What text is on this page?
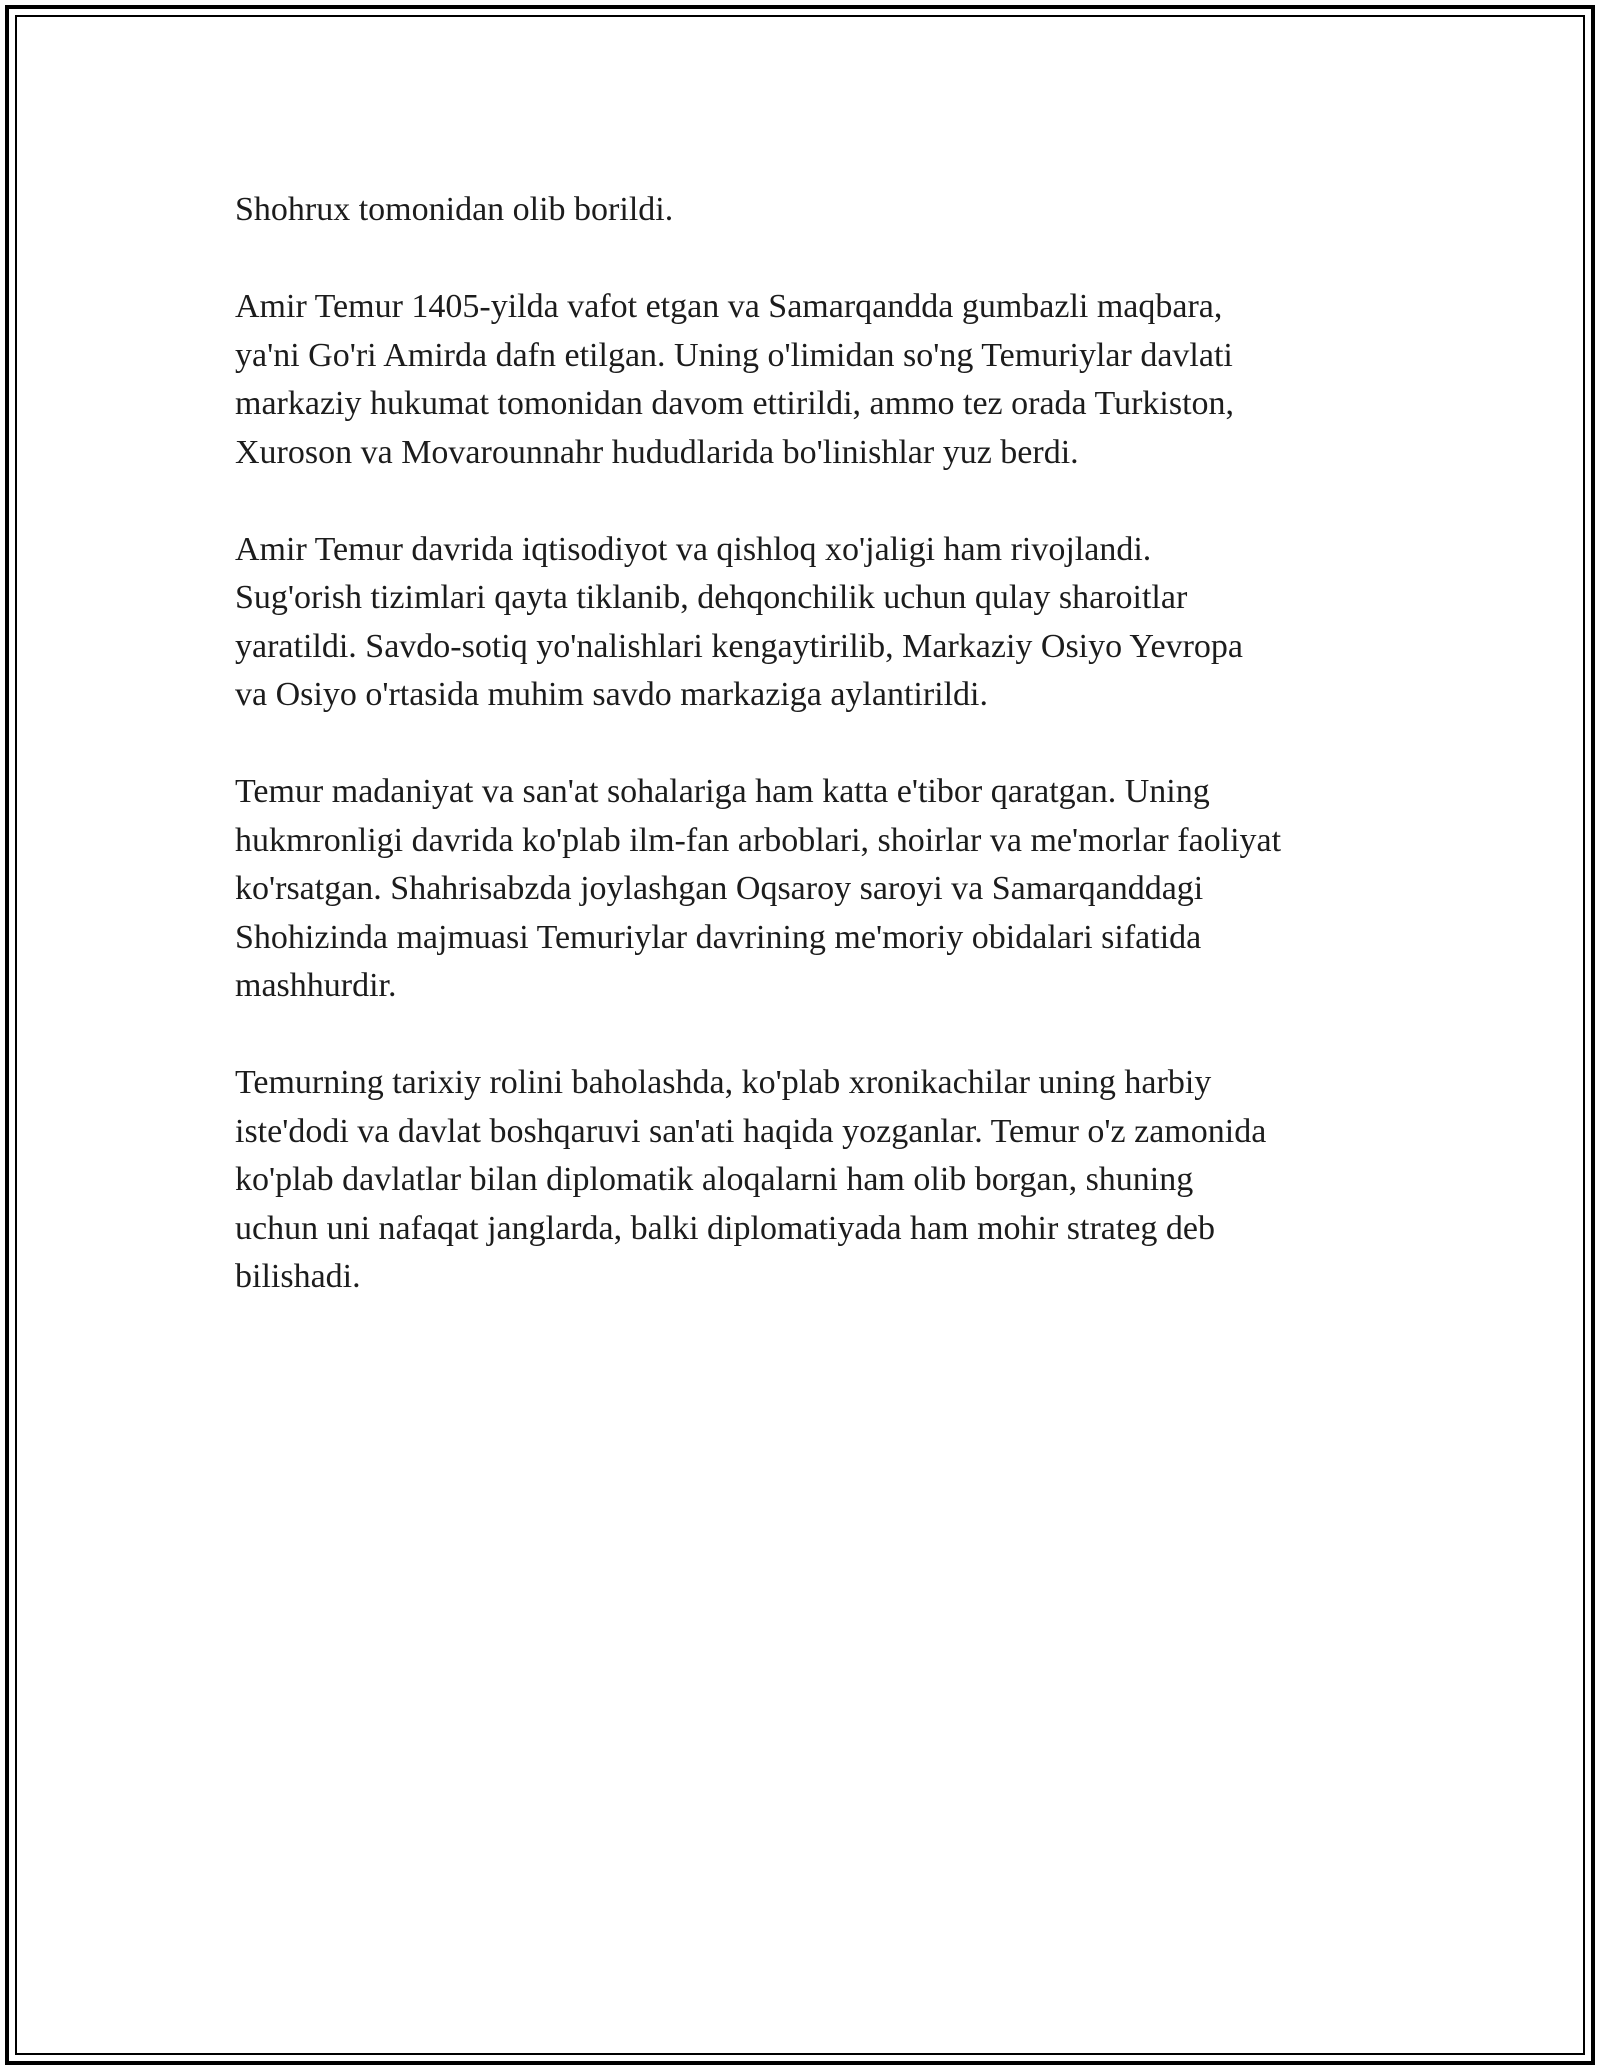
Shohrux tomonidan olib borildi.

Amir Temur 1405-yilda vafot etgan va Samarqandda gumbazli maqbara,
ya'ni Go'ri Amirda dafn etilgan. Uning o'limidan so'ng Temuriylar davlati
markaziy hukumat tomonidan davom ettirildi, ammo tez orada Turkiston,
Xuroson va Movarounnahr hududlarida bo'linishlar yuz berdi.

Amir Temur davrida iqtisodiyot va qishloq xo'jaligi ham rivojlandi.
Sug'orish tizimlari qayta tiklanib, dehqonchilik uchun qulay sharoitlar
yaratildi. Savdo-sotiq yo'nalishlari kengaytirilib, Markaziy Osiyo Yevropa
va Osiyo o'rtasida muhim savdo markaziga aylantirildi.

Temur madaniyat va san'at sohalariga ham katta e'tibor qaratgan. Uning
hukmronligi davrida ko'plab ilm-fan arboblari, shoirlar va me'morlar faoliyat
ko'rsatgan. Shahrisabzda joylashgan Oqsaroy saroyi va Samarqanddagi
Shohizinda majmuasi Temuriylar davrining me'moriy obidalari sifatida
mashhurdir.

Temurning tarixiy rolini baholashda, ko'plab xronikachilar uning harbiy
iste'dodi va davlat boshqaruvi san'ati haqida yozganlar. Temur o'z zamonida
ko'plab davlatlar bilan diplomatik aloqalarni ham olib borgan, shuning
uchun uni nafaqat janglarda, balki diplomatiyada ham mohir strateg deb
bilishadi.
